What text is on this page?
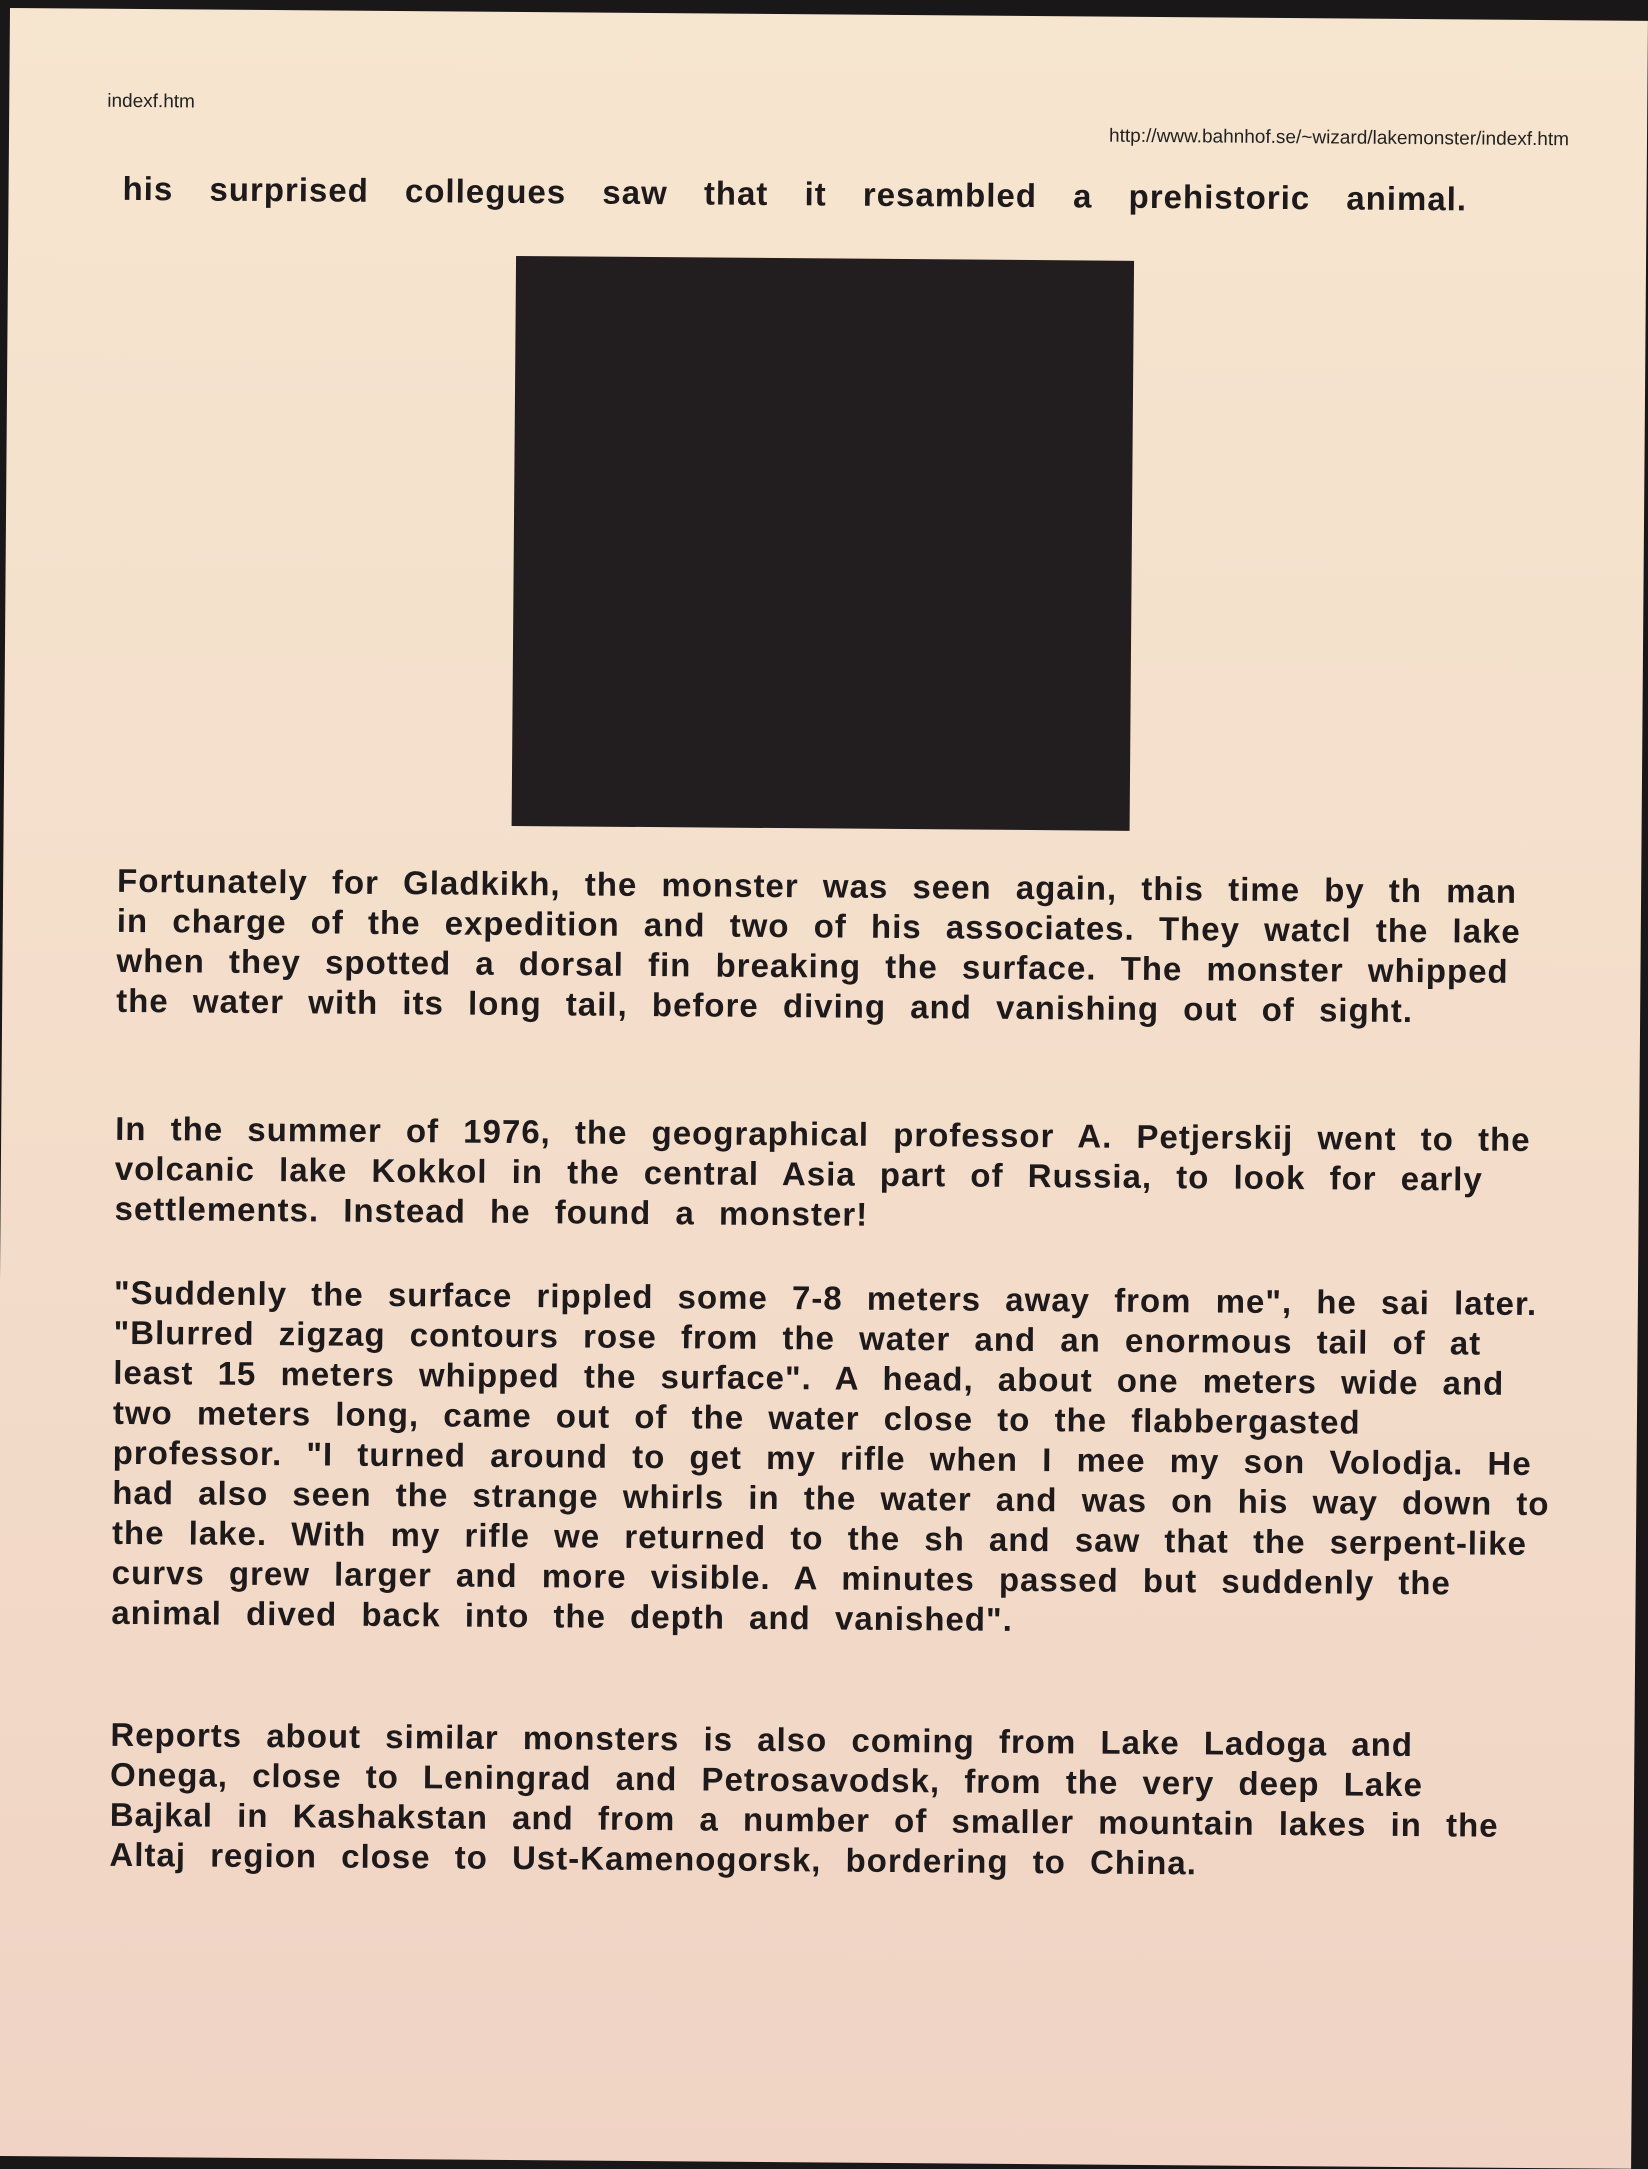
indexf.htm

http://www.bahnhof.se/~wizard/lakemonster/indexf.htm

his surprised collegues saw that it resambled a prehistoric animal.

Fortunately for Gladkikh, the monster was seen again, this time by th man in charge of the expedition and two of his associates. They watcl the lake when they spotted a dorsal fin breaking the surface. The monster whipped the water with its long tail, before diving and vanishing out of sight.

In the summer of 1976, the geographical professor A. Petjerskij went to the volcanic lake Kokkol in the central Asia part of Russia, to look for early settlements. Instead he found a monster!

"Suddenly the surface rippled some 7-8 meters away from me", he sai later. "Blurred zigzag contours rose from the water and an enormous tail of at least 15 meters whipped the surface". A head, about one meters wide and two meters long, came out of the water close to the flabbergasted professor. "I turned around to get my rifle when I mee my son Volodja. He had also seen the strange whirls in the water and was on his way down to the lake. With my rifle we returned to the sh and saw that the serpent-like curvs grew larger and more visible. A minutes passed but suddenly the animal dived back into the depth and vanished".

Reports about similar monsters is also coming from Lake Ladoga and Onega, close to Leningrad and Petrosavodsk, from the very deep Lake Bajkal in Kashakstan and from a number of smaller mountain lakes in the Altaj region close to Ust-Kamenogorsk, bordering to China.
